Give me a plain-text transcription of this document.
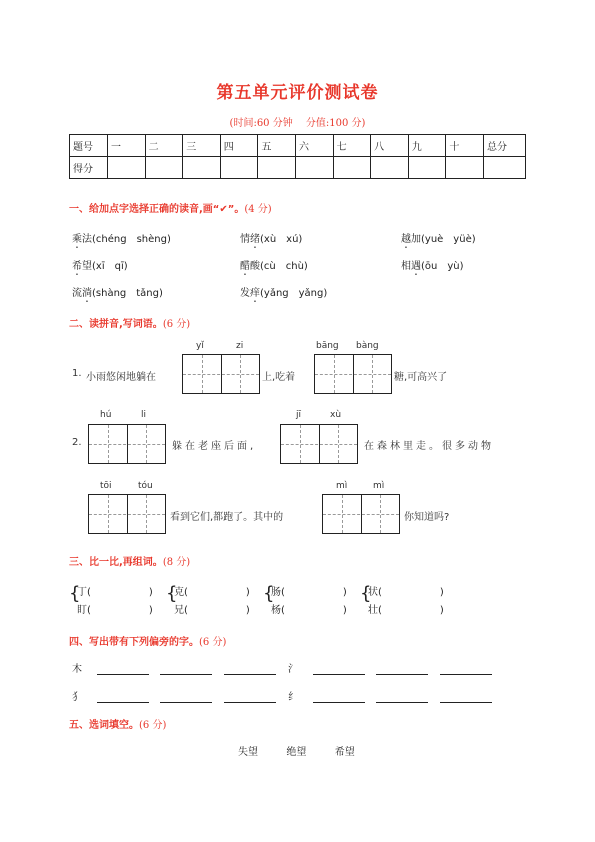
第五单元评价测试卷
(时间:60 分钟　 分值:100 分)
题号	一	二	三	四	五	六	七	八	九	十	总分
得分											
一、给加点字选择正确的读音,画“✔”。(4 分)
乘法(chéng　shèng)	情绪(xù　xú)	越加(yuè　yüè)
希望(xī　qī)	醋酸(cù　chù)	相遇(ōu　yù)
流淌(shàng　tǎng)	发痒(yǎng　yǎng)
二、读拼音,写词语。(6 分)
yǐ	zi	bāng bàng
1. 小雨悠闲地躺在	上,吃着	糖,可高兴了
hú	li	jī	xù
2.	躲在老座后面,	在森林里走。很多动物
tōi	tóu	mì	mì
看到它们,都跑了。其中的	你知道吗?
三、比一比,再组词。(8 分)
{
丁(	)
盯(	)
{
克(	)
兄(	)
{
肠(	)
杨(	)
{
状(	)
壮(	)
四、写出带有下列偏旁的字。(6 分)
木	氵
犭	纟
五、选词填空。(6 分)
失望	绝望	希望
